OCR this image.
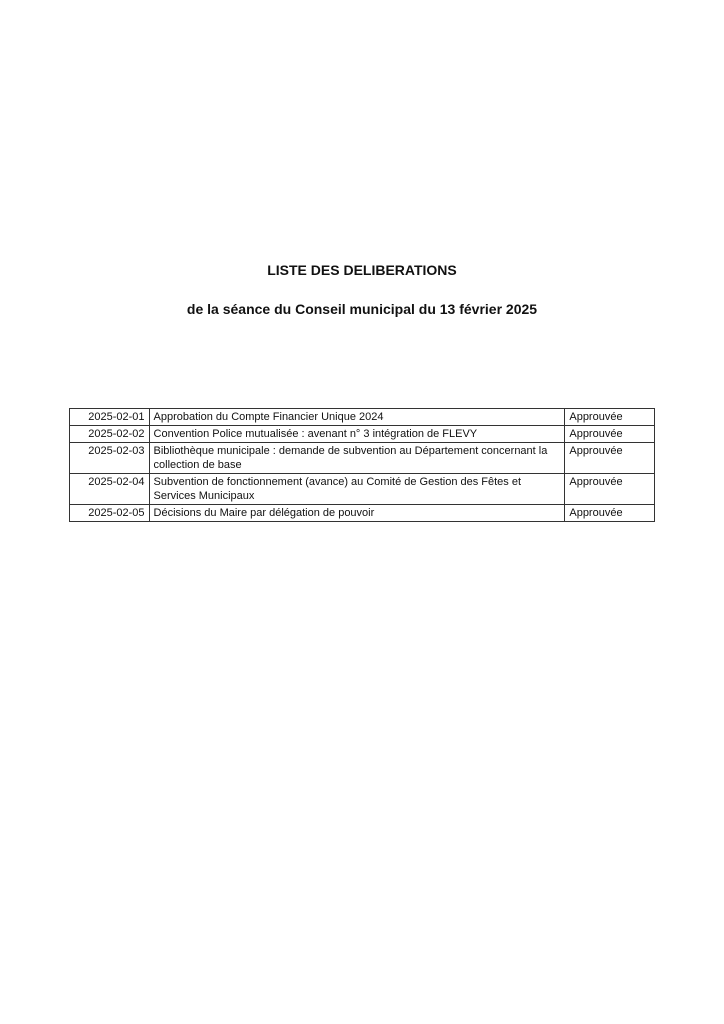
LISTE DES DELIBERATIONS
de la séance du Conseil municipal du 13 février 2025
2025-02-01	Approbation du Compte Financier Unique 2024	Approuvée
2025-02-02	Convention Police mutualisée : avenant n° 3 intégration de FLEVY	Approuvée
2025-02-03	Bibliothèque municipale : demande de subvention au Département concernant la collection de base	Approuvée
2025-02-04	Subvention de fonctionnement (avance) au Comité de Gestion des Fêtes et Services Municipaux	Approuvée
2025-02-05	Décisions du Maire par délégation de pouvoir	Approuvée
